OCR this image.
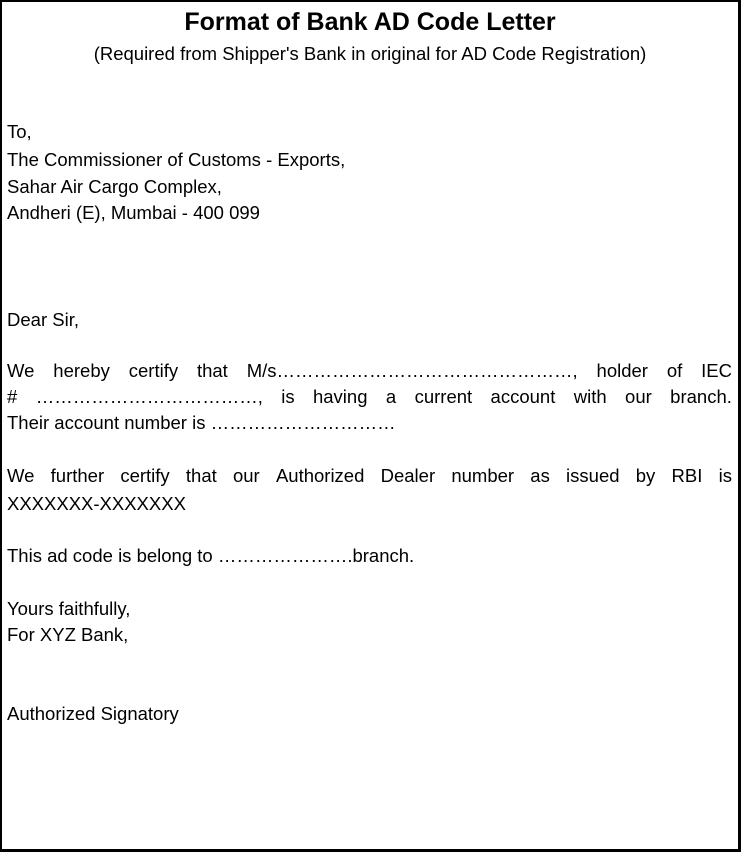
Format of Bank AD Code Letter
(Required from Shipper's Bank in original for AD Code Registration)
To,
The Commissioner of Customs - Exports,
Sahar Air Cargo Complex,
Andheri (E), Mumbai - 400 099
Dear Sir,
We hereby certify that M/s…………………………………………, holder of IEC
# ………………………………, is having a current account with our branch.
Their account number is …………………………
We further certify that our Authorized Dealer number as issued by RBI is
XXXXXXX-XXXXXXX
This ad code is belong to ………………….branch.
Yours faithfully,
For XYZ Bank,
Authorized Signatory
